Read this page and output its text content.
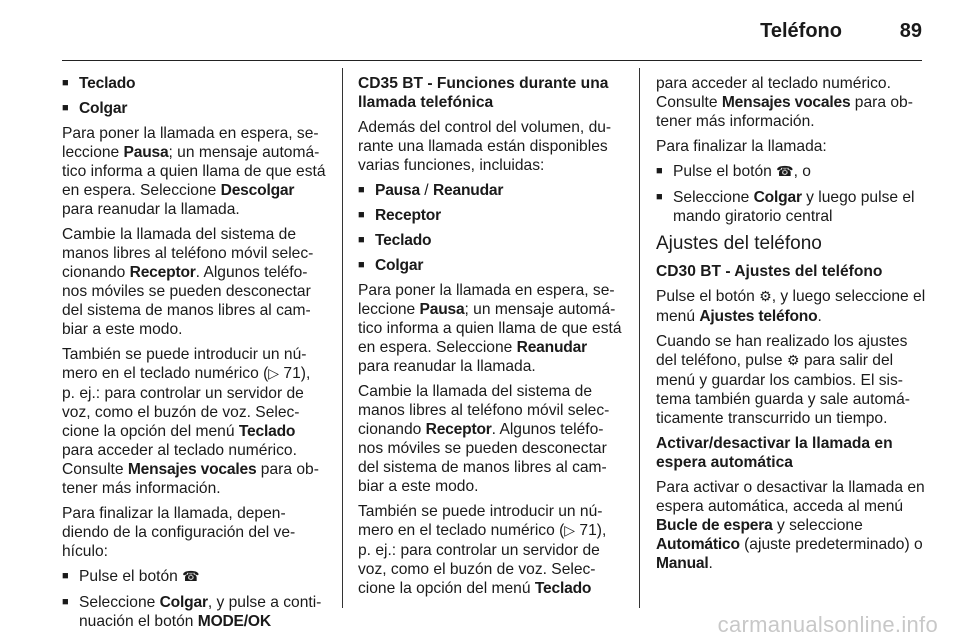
Teléfono	89
■ Teclado
■ Colgar

Para poner la llamada en espera, se- leccione Pausa; un mensaje automá- tico informa a quien llama de que está en espera. Seleccione Descolgar para reanudar la llamada.

Cambie la llamada del sistema de manos libres al teléfono móvil selec- cionando Receptor. Algunos teléfo- nos móviles se pueden desconectar del sistema de manos libres al cam- biar a este modo.

También se puede introducir un nú- mero en el teclado numérico (▷ 71), p. ej.: para controlar un servidor de voz, como el buzón de voz. Selec- cione la opción del menú Teclado para acceder al teclado numérico. Consulte Mensajes vocales para ob- tener más información.

Para finalizar la llamada, depen- diendo de la configuración del ve- hículo:

■ Pulse el botón ☎
■ Seleccione Colgar, y pulse a conti- nuación el botón MODE/OK

CD35 BT - Funciones durante una llamada telefónica

Además del control del volumen, du- rante una llamada están disponibles varias funciones, incluidas:

■ Pausa / Reanudar
■ Receptor
■ Teclado
■ Colgar

Para poner la llamada en espera, se- leccione Pausa; un mensaje automá- tico informa a quien llama de que está en espera. Seleccione Reanudar para reanudar la llamada.

Cambie la llamada del sistema de manos libres al teléfono móvil selec- cionando Receptor. Algunos teléfo- nos móviles se pueden desconectar del sistema de manos libres al cam- biar a este modo.

También se puede introducir un nú- mero en el teclado numérico (▷ 71), p. ej.: para controlar un servidor de voz, como el buzón de voz. Selec- cione la opción del menú Teclado

para acceder al teclado numérico. Consulte Mensajes vocales para ob- tener más información.

Para finalizar la llamada:

■ Pulse el botón ☎, o
■ Seleccione Colgar y luego pulse el mando giratorio central

Ajustes del teléfono

CD30 BT - Ajustes del teléfono

Pulse el botón ⚙, y luego seleccione el menú Ajustes teléfono.

Cuando se han realizado los ajustes del teléfono, pulse ⚙ para salir del menú y guardar los cambios. El sis- tema también guarda y sale automá- ticamente transcurrido un tiempo.

Activar/desactivar la llamada en espera automática

Para activar o desactivar la llamada en espera automática, acceda al menú Bucle de espera y seleccione Automático (ajuste predeterminado) o Manual.

carmanualsonline.info
